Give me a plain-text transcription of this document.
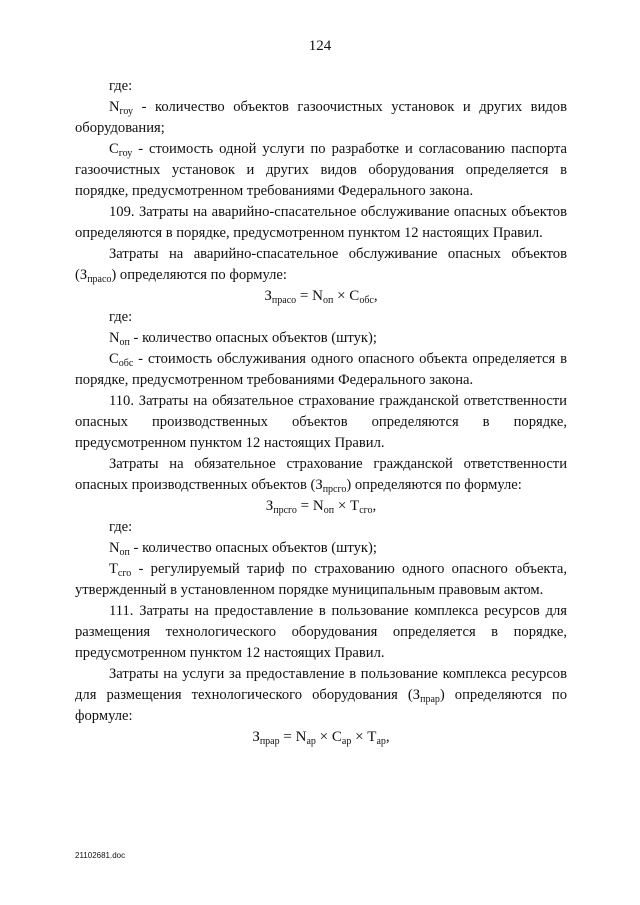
124

где:

$N_{гоу}$ - количество объектов газоочистных установок и других видов оборудования;

$C_{гоу}$ - стоимость одной услуги по разработке и согласованию паспорта газоочистных установок и других видов оборудования определяется в порядке, предусмотренном требованиями Федерального закона.

109. Затраты на аварийно-спасательное обслуживание опасных объектов определяются в порядке, предусмотренном пунктом 12 настоящих Правил.

Затраты на аварийно-спасательное обслуживание опасных объектов $(З_{прасо})$ определяются по формуле:

$З_{прасо} = N_{оп} \times C_{обс}$,

где:

$N_{оп}$ - количество опасных объектов (штук);

$C_{обс}$ - стоимость обслуживания одного опасного объекта определяется в порядке, предусмотренном требованиями Федерального закона.

110. Затраты на обязательное страхование гражданской ответственности опасных производственных объектов определяются в порядке, предусмотренном пунктом 12 настоящих Правил.

Затраты на обязательное страхование гражданской ответственности опасных производственных объектов $(З_{прсго})$ определяются по формуле:

$З_{прсго} = N_{оп} \times T_{сго}$,

где:

$N_{оп}$ - количество опасных объектов (штук);

$T_{сго}$ - регулируемый тариф по страхованию одного опасного объекта, утвержденный в установленном порядке муниципальным правовым актом.

111. Затраты на предоставление в пользование комплекса ресурсов для размещения технологического оборудования определяется в порядке, предусмотренном пунктом 12 настоящих Правил.

Затраты на услуги за предоставление в пользование комплекса ресурсов для размещения технологического оборудования $(З_{прар})$ определяются по формуле:

$З_{прар} = N_{ар} \times C_{ар} \times T_{ар}$,

21102681.doc
